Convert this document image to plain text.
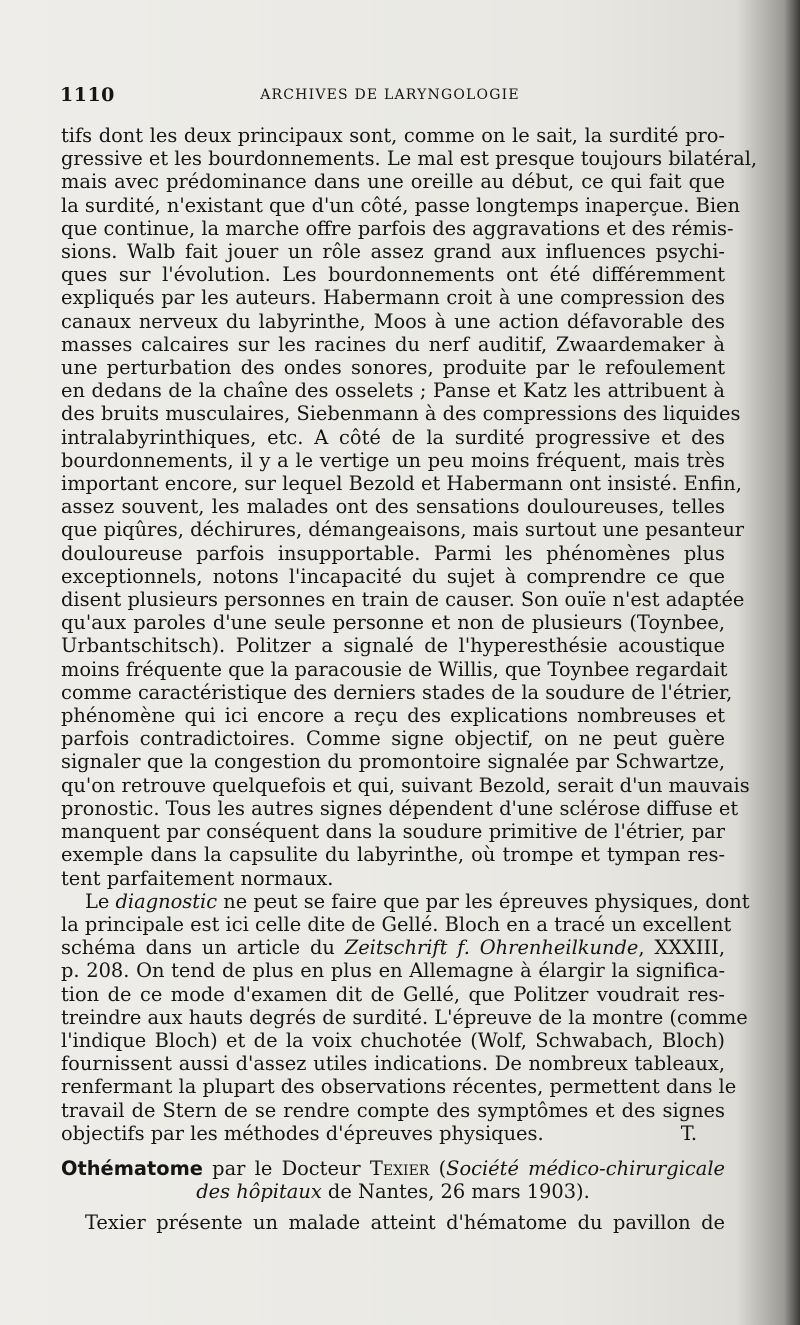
1110	ARCHIVES DE LARYNGOLOGIE
tifs dont les deux principaux sont, comme on le sait, la surdité pro-
gressive et les bourdonnements. Le mal est presque toujours bilatéral,
mais avec prédominance dans une oreille au début, ce qui fait que
la surdité, n'existant que d'un côté, passe longtemps inaperçue. Bien
que continue, la marche offre parfois des aggravations et des rémis-
sions. Walb fait jouer un rôle assez grand aux influences psychi-
ques sur l'évolution. Les bourdonnements ont été différemment
expliqués par les auteurs. Habermann croit à une compression des
canaux nerveux du labyrinthe, Moos à une action défavorable des
masses calcaires sur les racines du nerf auditif, Zwaardemaker à
une perturbation des ondes sonores, produite par le refoulement
en dedans de la chaîne des osselets ; Panse et Katz les attribuent à
des bruits musculaires, Siebenmann à des compressions des liquides
intralabyrinthiques, etc. A côté de la surdité progressive et des
bourdonnements, il y a le vertige un peu moins fréquent, mais très
important encore, sur lequel Bezold et Habermann ont insisté. Enfin,
assez souvent, les malades ont des sensations douloureuses, telles
que piqûres, déchirures, démangeaisons, mais surtout une pesanteur
douloureuse parfois insupportable. Parmi les phénomènes plus
exceptionnels, notons l'incapacité du sujet à comprendre ce que
disent plusieurs personnes en train de causer. Son ouïe n'est adaptée
qu'aux paroles d'une seule personne et non de plusieurs (Toynbee,
Urbantschitsch). Politzer a signalé de l'hyperesthésie acoustique
moins fréquente que la paracousie de Willis, que Toynbee regardait
comme caractéristique des derniers stades de la soudure de l'étrier,
phénomène qui ici encore a reçu des explications nombreuses et
parfois contradictoires. Comme signe objectif, on ne peut guère
signaler que la congestion du promontoire signalée par Schwartze,
qu'on retrouve quelquefois et qui, suivant Bezold, serait d'un mauvais
pronostic. Tous les autres signes dépendent d'une sclérose diffuse et
manquent par conséquent dans la soudure primitive de l'étrier, par
exemple dans la capsulite du labyrinthe, où trompe et tympan res-
tent parfaitement normaux.
Le diagnostic ne peut se faire que par les épreuves physiques, dont
la principale est ici celle dite de Gellé. Bloch en a tracé un excellent
schéma dans un article du Zeitschrift f. Ohrenheilkunde, XXXIII,
p. 208. On tend de plus en plus en Allemagne à élargir la significa-
tion de ce mode d'examen dit de Gellé, que Politzer voudrait res-
treindre aux hauts degrés de surdité. L'épreuve de la montre (comme
l'indique Bloch) et de la voix chuchotée (Wolf, Schwabach, Bloch)
fournissent aussi d'assez utiles indications. De nombreux tableaux,
renfermant la plupart des observations récentes, permettent dans le
travail de Stern de se rendre compte des symptômes et des signes
objectifs par les méthodes d'épreuves physiques.	T.
Othématome par le Docteur Texier (Société médico-chirurgicale
des hôpitaux de Nantes, 26 mars 1903).
Texier présente un malade atteint d'hématome du pavillon de
